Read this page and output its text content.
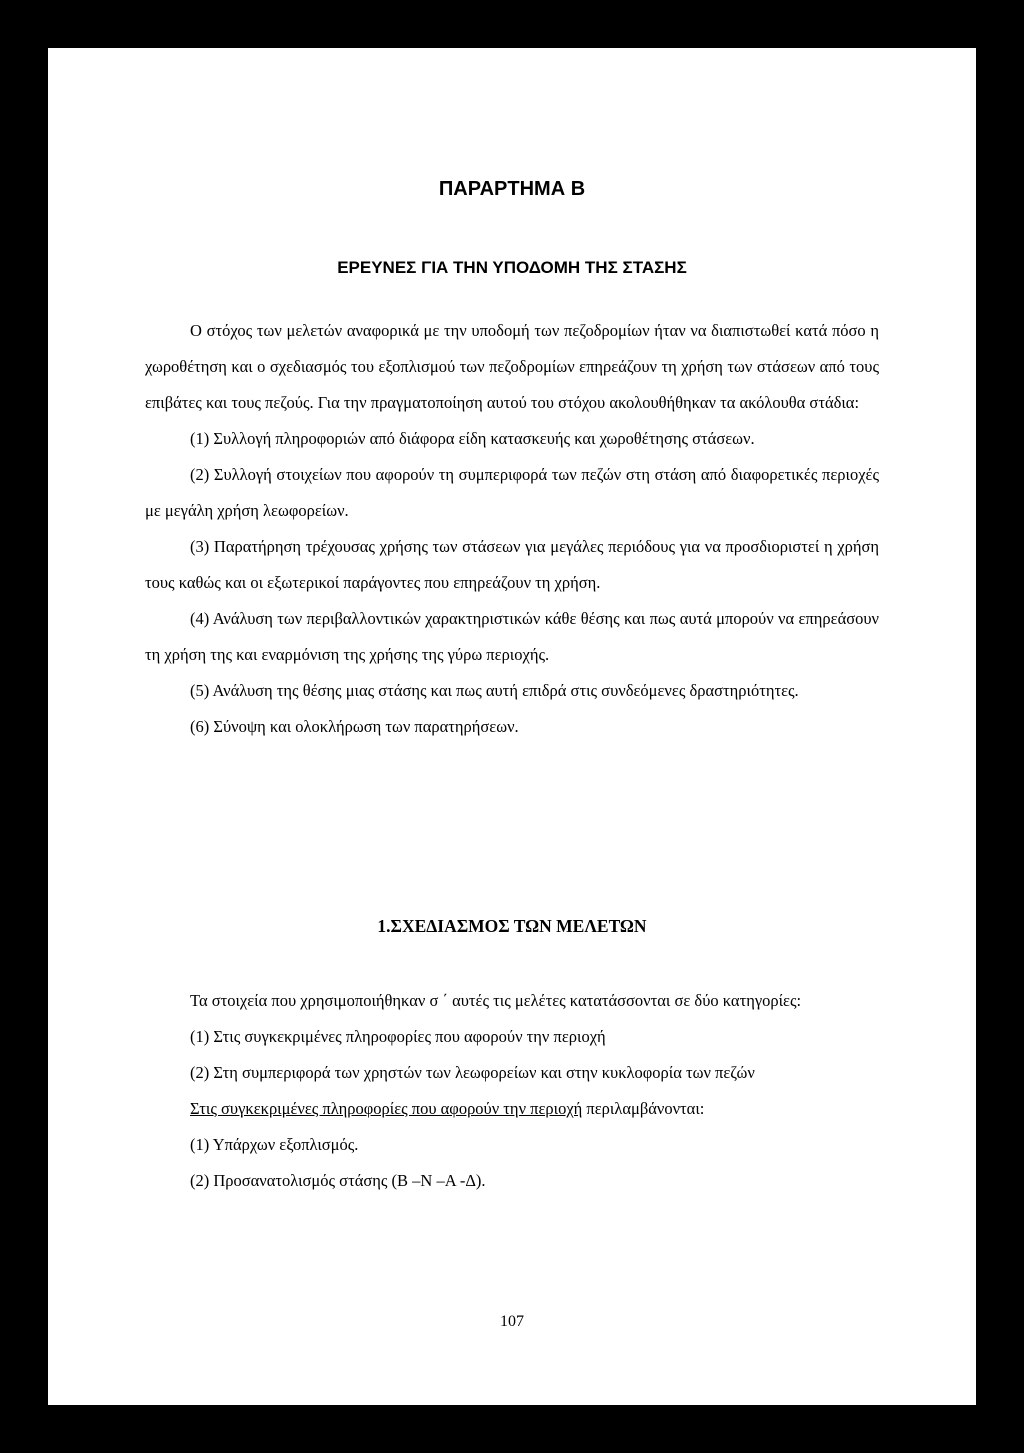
ΠΑΡΑΡΤΗΜΑ Β
ΕΡΕΥΝΕΣ ΓΙΑ ΤΗΝ ΥΠΟΔΟΜΗ ΤΗΣ ΣΤΑΣΗΣ

Ο στόχος των μελετών αναφορικά με την υποδομή των πεζοδρομίων ήταν να διαπιστωθεί κατά πόσο η χωροθέτηση και ο σχεδιασμός του εξοπλισμού των πεζοδρομίων επηρεάζουν τη χρήση των στάσεων από τους επιβάτες και τους πεζούς. Για την πραγματοποίηση αυτού του στόχου ακολουθήθηκαν τα ακόλουθα στάδια:

(1) Συλλογή πληροφοριών από διάφορα είδη κατασκευής και χωροθέτησης στάσεων.

(2) Συλλογή στοιχείων που αφορούν τη συμπεριφορά των πεζών στη στάση από διαφορετικές περιοχές με μεγάλη χρήση λεωφορείων.

(3) Παρατήρηση τρέχουσας χρήσης των στάσεων για μεγάλες περιόδους για να προσδιοριστεί η χρήση τους καθώς και οι εξωτερικοί παράγοντες που επηρεάζουν τη χρήση.

(4) Ανάλυση των περιβαλλοντικών χαρακτηριστικών κάθε θέσης και πως αυτά μπορούν να επηρεάσουν τη χρήση της και εναρμόνιση της χρήσης της γύρω περιοχής.

(5) Ανάλυση της θέσης μιας στάσης και πως αυτή επιδρά στις συνδεόμενες δραστηριότητες.

(6) Σύνοψη και ολοκλήρωση των παρατηρήσεων.

1.ΣΧΕΔΙΑΣΜΟΣ ΤΩΝ ΜΕΛΕΤΩΝ

Τα στοιχεία που χρησιμοποιήθηκαν σ ΄ αυτές τις μελέτες κατατάσσονται σε δύο κατηγορίες:

(1) Στις συγκεκριμένες πληροφορίες που αφορούν την περιοχή

(2) Στη συμπεριφορά των χρηστών των λεωφορείων και στην κυκλοφορία των πεζών

Στις συγκεκριμένες πληροφορίες που αφορούν την περιοχή περιλαμβάνονται:

(1) Υπάρχων εξοπλισμός.

(2) Προσανατολισμός στάσης (Β –Ν –Α -Δ).

107
